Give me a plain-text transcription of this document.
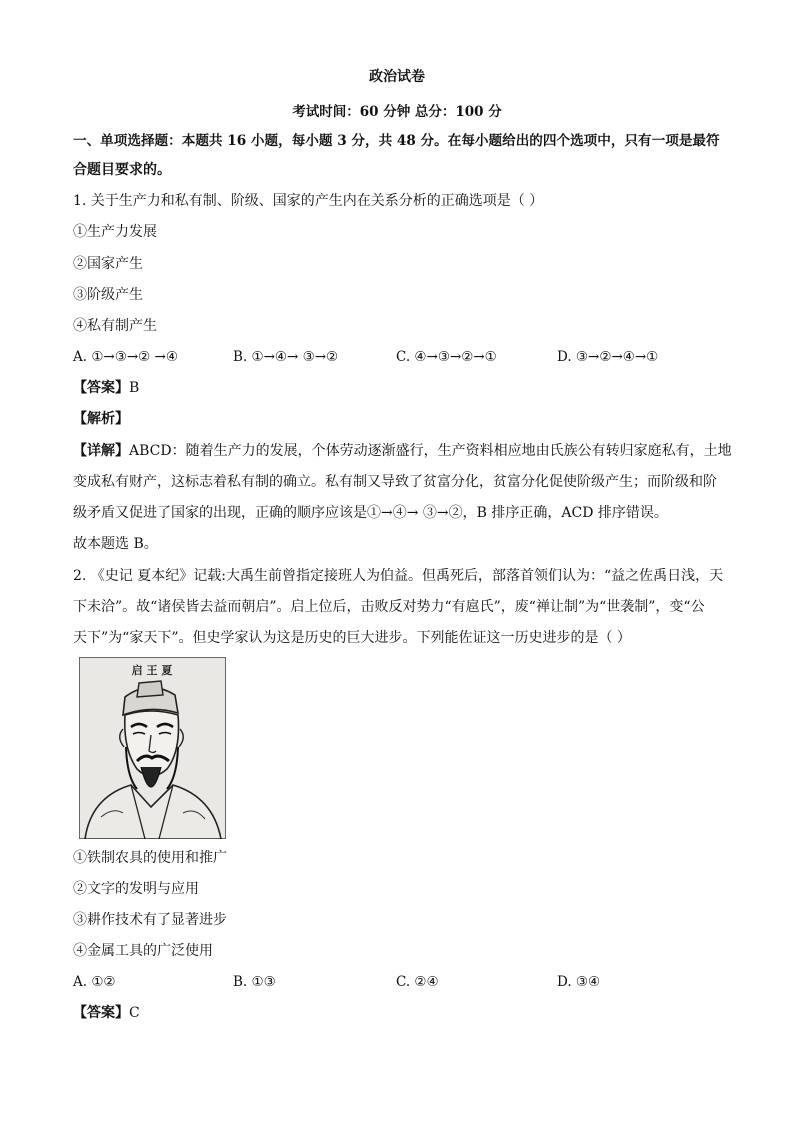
政治试卷
考试时间：60 分钟 总分：100 分
一、单项选择题：本题共 16 小题，每小题 3 分，共 48 分。在每小题给出的四个选项中，只有一项是最符
合题目要求的。
1. 关于生产力和私有制、阶级、国家的产生内在关系分析的正确选项是（ ）
①生产力发展
②国家产生
③阶级产生
④私有制产生
A. ①→③→② →④	B. ①→④→ ③→②	C. ④→③→②→①	D. ③→②→④→①
【答案】B
【解析】
【详解】ABCD：随着生产力的发展，个体劳动逐渐盛行，生产资料相应地由氏族公有转归家庭私有，土地
变成私有财产，这标志着私有制的确立。私有制又导致了贫富分化，贫富分化促使阶级产生；而阶级和阶
级矛盾又促进了国家的出现，正确的顺序应该是①→④→ ③→②，B 排序正确，ACD 排序错误。
故本题选 B。
2. 《史记 夏本纪》记载:大禹生前曾指定接班人为伯益。但禹死后，部落首领们认为：“益之佐禹日浅，天
下未洽”。故“诸侯皆去益而朝启”。启上位后，击败反对势力“有扈氏”，废“禅让制”为“世袭制”，变“公
天下”为“家天下”。但史学家认为这是历史的巨大进步。下列能佐证这一历史进步的是（ ）
启 王 夏
①铁制农具的使用和推广
②文字的发明与应用
③耕作技术有了显著进步
④金属工具的广泛使用
A. ①②	B. ①③	C. ②④	D. ③④
【答案】C
